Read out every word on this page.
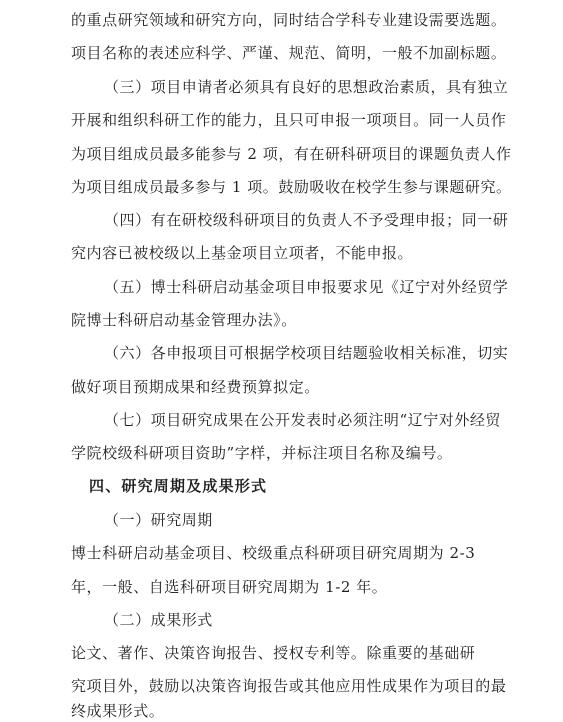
的重点研究领域和研究方向，同时结合学科专业建设需要选题。
项目名称的表述应科学、严谨、规范、简明，一般不加副标题。
（三）项目申请者必须具有良好的思想政治素质，具有独立
开展和组织科研工作的能力，且只可申报一项项目。同一人员作
为项目组成员最多能参与 2 项，有在研科研项目的课题负责人作
为项目组成员最多参与 1 项。鼓励吸收在校学生参与课题研究。
（四）有在研校级科研项目的负责人不予受理申报；同一研
究内容已被校级以上基金项目立项者，不能申报。
（五）博士科研启动基金项目申报要求见《辽宁对外经贸学
院博士科研启动基金管理办法》。
（六）各申报项目可根据学校项目结题验收相关标准，切实
做好项目预期成果和经费预算拟定。
（七）项目研究成果在公开发表时必须注明“辽宁对外经贸
学院校级科研项目资助”字样，并标注项目名称及编号。
四、研究周期及成果形式
（一）研究周期
博士科研启动基金项目、校级重点科研项目研究周期为 2-3
年，一般、自选科研项目研究周期为 1-2 年。
（二）成果形式
论文、著作、决策咨询报告、授权专利等。除重要的基础研
究项目外，鼓励以决策咨询报告或其他应用性成果作为项目的最
终成果形式。
